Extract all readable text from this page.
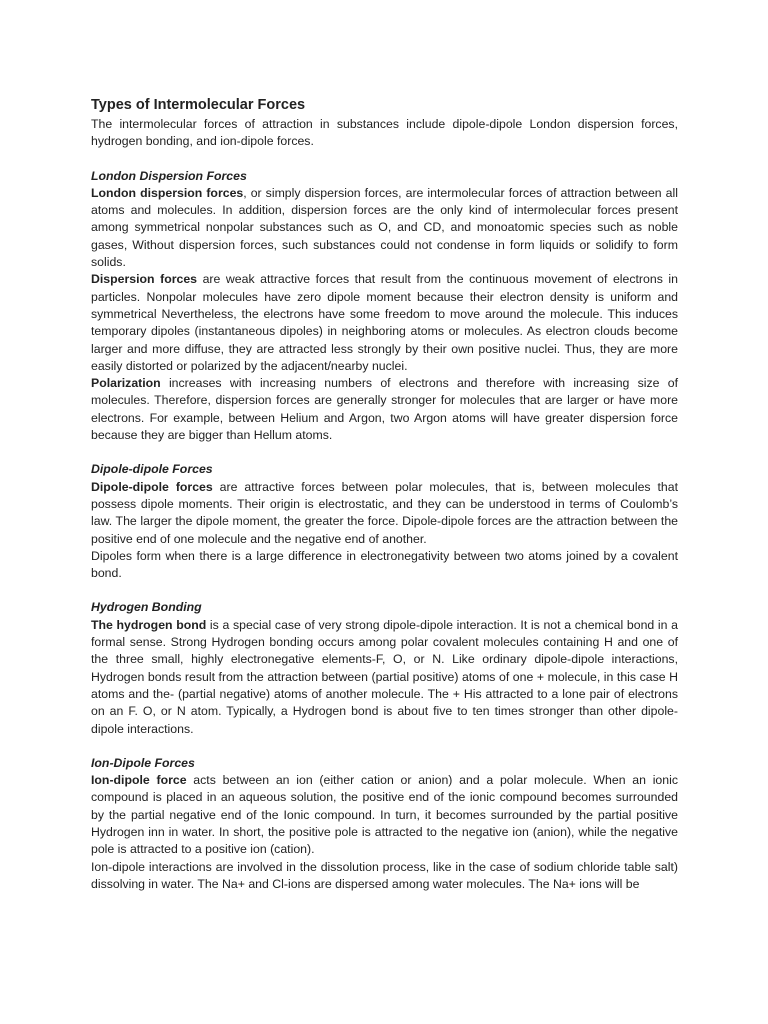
Types of Intermolecular Forces

The intermolecular forces of attraction in substances include dipole-dipole London dispersion forces, hydrogen bonding, and ion-dipole forces.

London Dispersion Forces

London dispersion forces, or simply dispersion forces, are intermolecular forces of attraction between all atoms and molecules. In addition, dispersion forces are the only kind of intermolecular forces present among symmetrical nonpolar substances such as O, and CD, and monoatomic species such as noble gases, Without dispersion forces, such substances could not condense in form liquids or solidify to form solids.

Dispersion forces are weak attractive forces that result from the continuous movement of electrons in particles. Nonpolar molecules have zero dipole moment because their electron density is uniform and symmetrical Nevertheless, the electrons have some freedom to move around the molecule. This induces temporary dipoles (instantaneous dipoles) in neighboring atoms or molecules. As electron clouds become larger and more diffuse, they are attracted less strongly by their own positive nuclei. Thus, they are more easily distorted or polarized by the adjacent/nearby nuclei.

Polarization increases with increasing numbers of electrons and therefore with increasing size of molecules. Therefore, dispersion forces are generally stronger for molecules that are larger or have more electrons. For example, between Helium and Argon, two Argon atoms will have greater dispersion force because they are bigger than Hellum atoms.

Dipole-dipole Forces

Dipole-dipole forces are attractive forces between polar molecules, that is, between molecules that possess dipole moments. Their origin is electrostatic, and they can be understood in terms of Coulomb’s law. The larger the dipole moment, the greater the force. Dipole-dipole forces are the attraction between the positive end of one molecule and the negative end of another.

Dipoles form when there is a large difference in electronegativity between two atoms joined by a covalent bond.

Hydrogen Bonding

The hydrogen bond is a special case of very strong dipole-dipole interaction. It is not a chemical bond in a formal sense. Strong Hydrogen bonding occurs among polar covalent molecules containing H and one of the three small, highly electronegative elements-F, O, or N. Like ordinary dipole-dipole interactions, Hydrogen bonds result from the attraction between (partial positive) atoms of one + molecule, in this case H atoms and the- (partial negative) atoms of another molecule. The + His attracted to a lone pair of electrons on an F. O, or N atom. Typically, a Hydrogen bond is about five to ten times stronger than other dipole-dipole interactions.

Ion-Dipole Forces

Ion-dipole force acts between an ion (either cation or anion) and a polar molecule. When an ionic compound is placed in an aqueous solution, the positive end of the ionic compound becomes surrounded by the partial negative end of the Ionic compound. In turn, it becomes surrounded by the partial positive Hydrogen inn in water. In short, the positive pole is attracted to the negative ion (anion), while the negative pole is attracted to a positive ion (cation).

Ion-dipole interactions are involved in the dissolution process, like in the case of sodium chloride table salt) dissolving in water. The Na+ and Cl-ions are dispersed among water molecules. The Na+ ions will be
